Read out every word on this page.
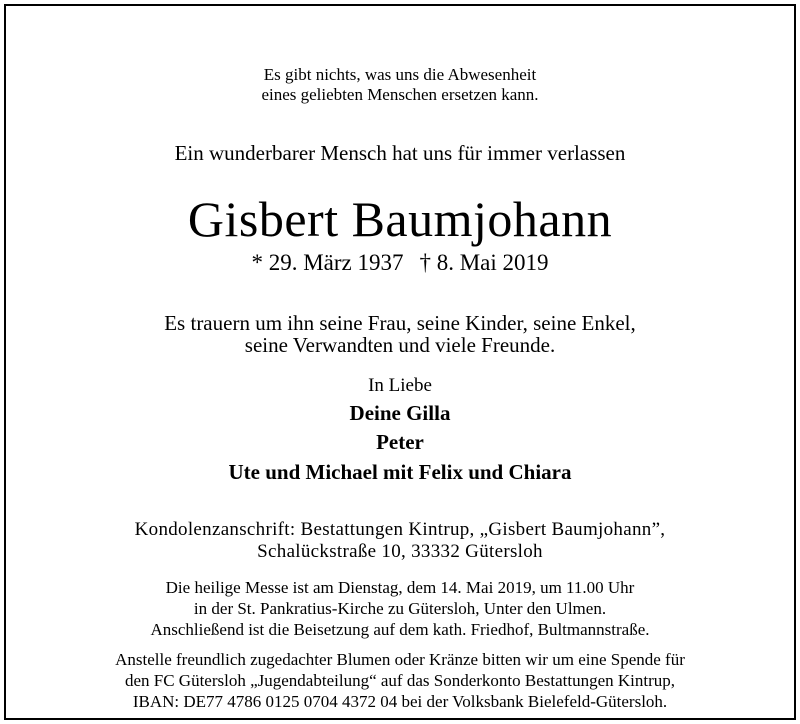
Es gibt nichts, was uns die Abwesenheit
eines geliebten Menschen ersetzen kann.
Ein wunderbarer Mensch hat uns für immer verlassen
Gisbert Baumjohann
* 29. März 1937 † 8. Mai 2019
Es trauern um ihn seine Frau, seine Kinder, seine Enkel,
seine Verwandten und viele Freunde.
In Liebe
Deine Gilla
Peter
Ute und Michael mit Felix und Chiara
Kondolenzanschrift: Bestattungen Kintrup, „Gisbert Baumjohann”,
Schalückstraße 10, 33332 Gütersloh
Die heilige Messe ist am Dienstag, dem 14. Mai 2019, um 11.00 Uhr
in der St. Pankratius-Kirche zu Gütersloh, Unter den Ulmen.
Anschließend ist die Beisetzung auf dem kath. Friedhof, Bultmannstraße.
Anstelle freundlich zugedachter Blumen oder Kränze bitten wir um eine Spende für
den FC Gütersloh „Jugendabteilung“ auf das Sonderkonto Bestattungen Kintrup,
IBAN: DE77 4786 0125 0704 4372 04 bei der Volksbank Bielefeld-Gütersloh.
